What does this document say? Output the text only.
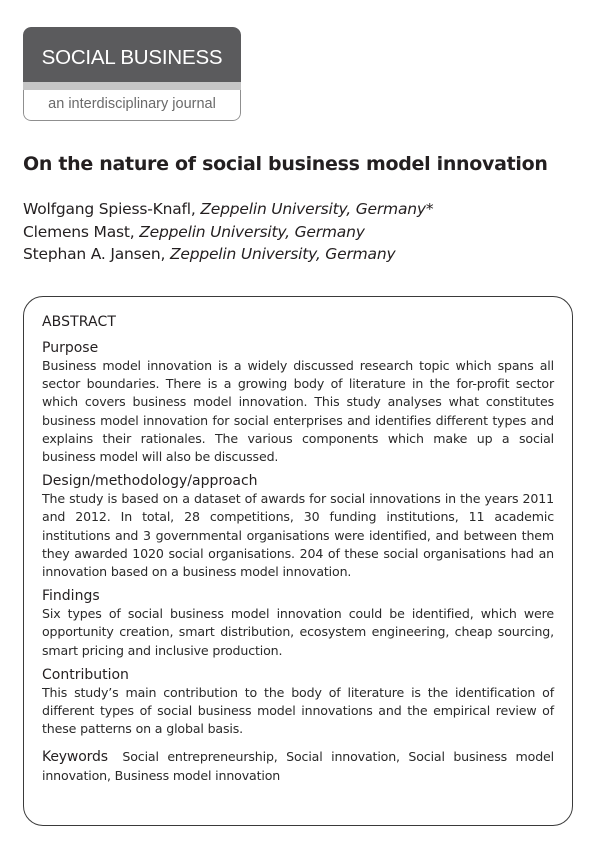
SOCIAL BUSINESS
an interdisciplinary journal
On the nature of social business model innovation
Wolfgang Spiess-Knafl, Zeppelin University, Germany*
Clemens Mast, Zeppelin University, Germany
Stephan A. Jansen, Zeppelin University, Germany
ABSTRACT
Purpose

Business model innovation is a widely discussed research topic which spans all sector boundaries. There is a growing body of literature in the for-profit sector which covers business model innovation. This study analyses what constitutes business model innovation for social enterprises and identifies different types and explains their rationales. The various components which make up a social business model will also be discussed.

Design/methodology/approach

The study is based on a dataset of awards for social innovations in the years 2011 and 2012. In total, 28 competitions, 30 funding institutions, 11 academic institutions and 3 governmental organisations were identified, and between them they awarded 1020 social organisations. 204 of these social organisations had an innovation based on a business model innovation.

Findings

Six types of social business model innovation could be identified, which were opportunity creation, smart distribution, ecosystem engineering, cheap sourcing, smart pricing and inclusive production.

Contribution

This study’s main contribution to the body of literature is the identification of different types of social business model innovations and the empirical review of these patterns on a global basis.

Keywords Social entrepreneurship, Social innovation, Social business model innovation, Business model innovation
